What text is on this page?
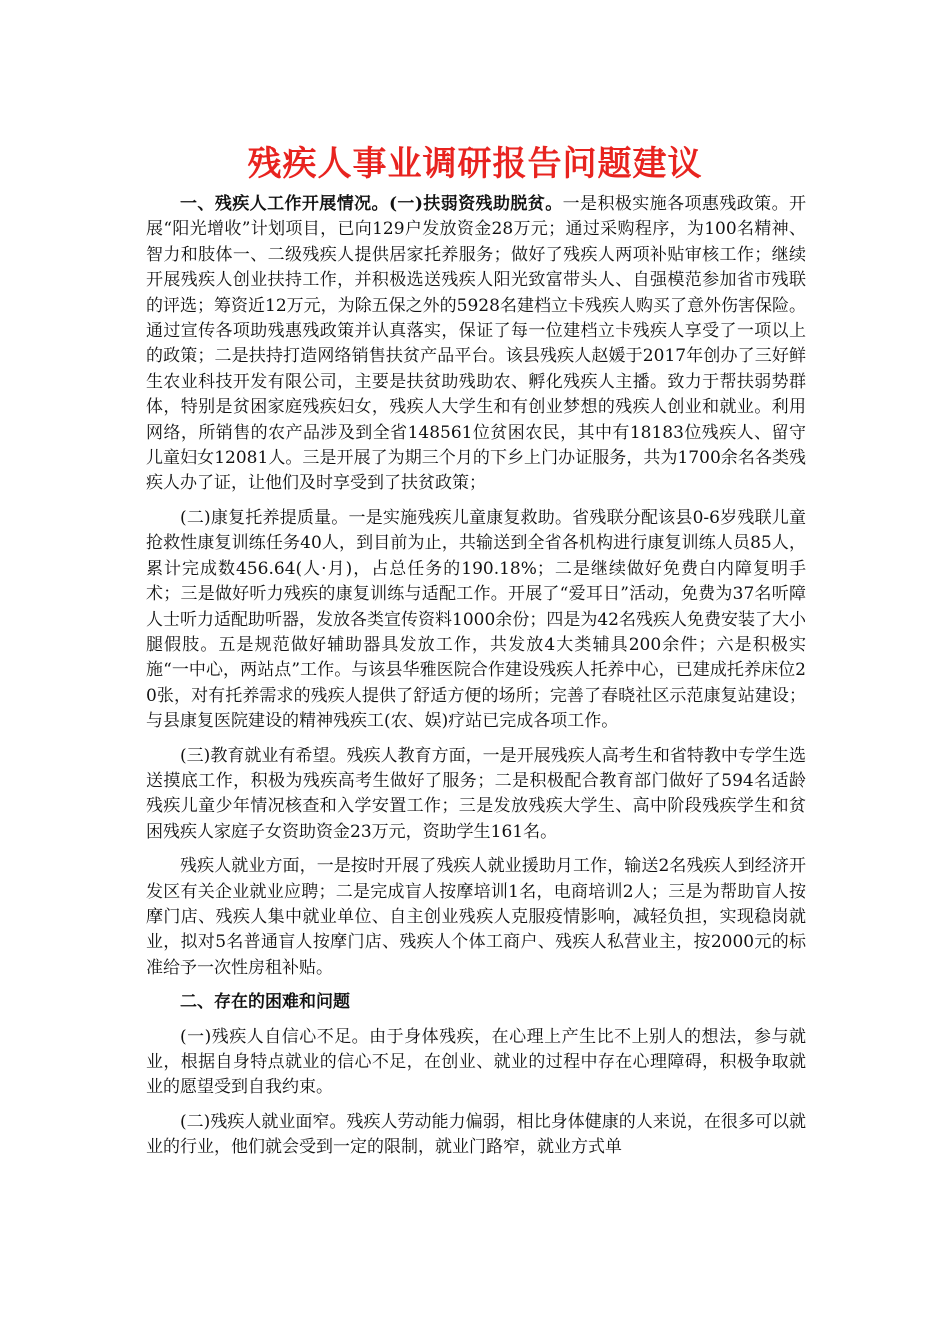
残疾人事业调研报告问题建议

一、残疾人工作开展情况。(一)扶弱资残助脱贫。一是积极实施各项惠残政策。开展“阳光增收”计划项目，已向129户发放资金28万元；通过采购程序，为100名精神、智力和肢体一、二级残疾人提供居家托养服务；做好了残疾人两项补贴审核工作；继续开展残疾人创业扶持工作，并积极选送残疾人阳光致富带头人、自强模范参加省市残联的评选；筹资近12万元，为除五保之外的5928名建档立卡残疾人购买了意外伤害保险。通过宣传各项助残惠残政策并认真落实，保证了每一位建档立卡残疾人享受了一项以上的政策；二是扶持打造网络销售扶贫产品平台。该县残疾人赵媛于2017年创办了三好鲜生农业科技开发有限公司，主要是扶贫助残助农、孵化残疾人主播。致力于帮扶弱势群体，特别是贫困家庭残疾妇女，残疾人大学生和有创业梦想的残疾人创业和就业。利用网络，所销售的农产品涉及到全省148561位贫困农民，其中有18183位残疾人、留守儿童妇女12081人。三是开展了为期三个月的下乡上门办证服务，共为1700余名各类残疾人办了证，让他们及时享受到了扶贫政策；

(二)康复托养提质量。一是实施残疾儿童康复救助。省残联分配该县0-6岁残联儿童抢救性康复训练任务40人，到目前为止，共输送到全省各机构进行康复训练人员85人，累计完成数456.64(人·月)，占总任务的190.18%；二是继续做好免费白内障复明手术；三是做好听力残疾的康复训练与适配工作。开展了“爱耳日”活动，免费为37名听障人士听力适配助听器，发放各类宣传资料1000余份；四是为42名残疾人免费安装了大小腿假肢。五是规范做好辅助器具发放工作，共发放4大类辅具200余件；六是积极实施“一中心，两站点”工作。与该县华雅医院合作建设残疾人托养中心，已建成托养床位20张，对有托养需求的残疾人提供了舒适方便的场所；完善了春晓社区示范康复站建设；与县康复医院建设的精神残疾工(农、娱)疗站已完成各项工作。

(三)教育就业有希望。残疾人教育方面，一是开展残疾人高考生和省特教中专学生选送摸底工作，积极为残疾高考生做好了服务；二是积极配合教育部门做好了594名适龄残疾儿童少年情况核查和入学安置工作；三是发放残疾大学生、高中阶段残疾学生和贫困残疾人家庭子女资助资金23万元，资助学生161名。

残疾人就业方面，一是按时开展了残疾人就业援助月工作，输送2名残疾人到经济开发区有关企业就业应聘；二是完成盲人按摩培训1名，电商培训2人；三是为帮助盲人按摩门店、残疾人集中就业单位、自主创业残疾人克服疫情影响，减轻负担，实现稳岗就业，拟对5名普通盲人按摩门店、残疾人个体工商户、残疾人私营业主，按2000元的标准给予一次性房租补贴。

二、存在的困难和问题

(一)残疾人自信心不足。由于身体残疾，在心理上产生比不上别人的想法，参与就业，根据自身特点就业的信心不足，在创业、就业的过程中存在心理障碍，积极争取就业的愿望受到自我约束。

(二)残疾人就业面窄。残疾人劳动能力偏弱，相比身体健康的人来说，在很多可以就业的行业，他们就会受到一定的限制，就业门路窄，就业方式单
